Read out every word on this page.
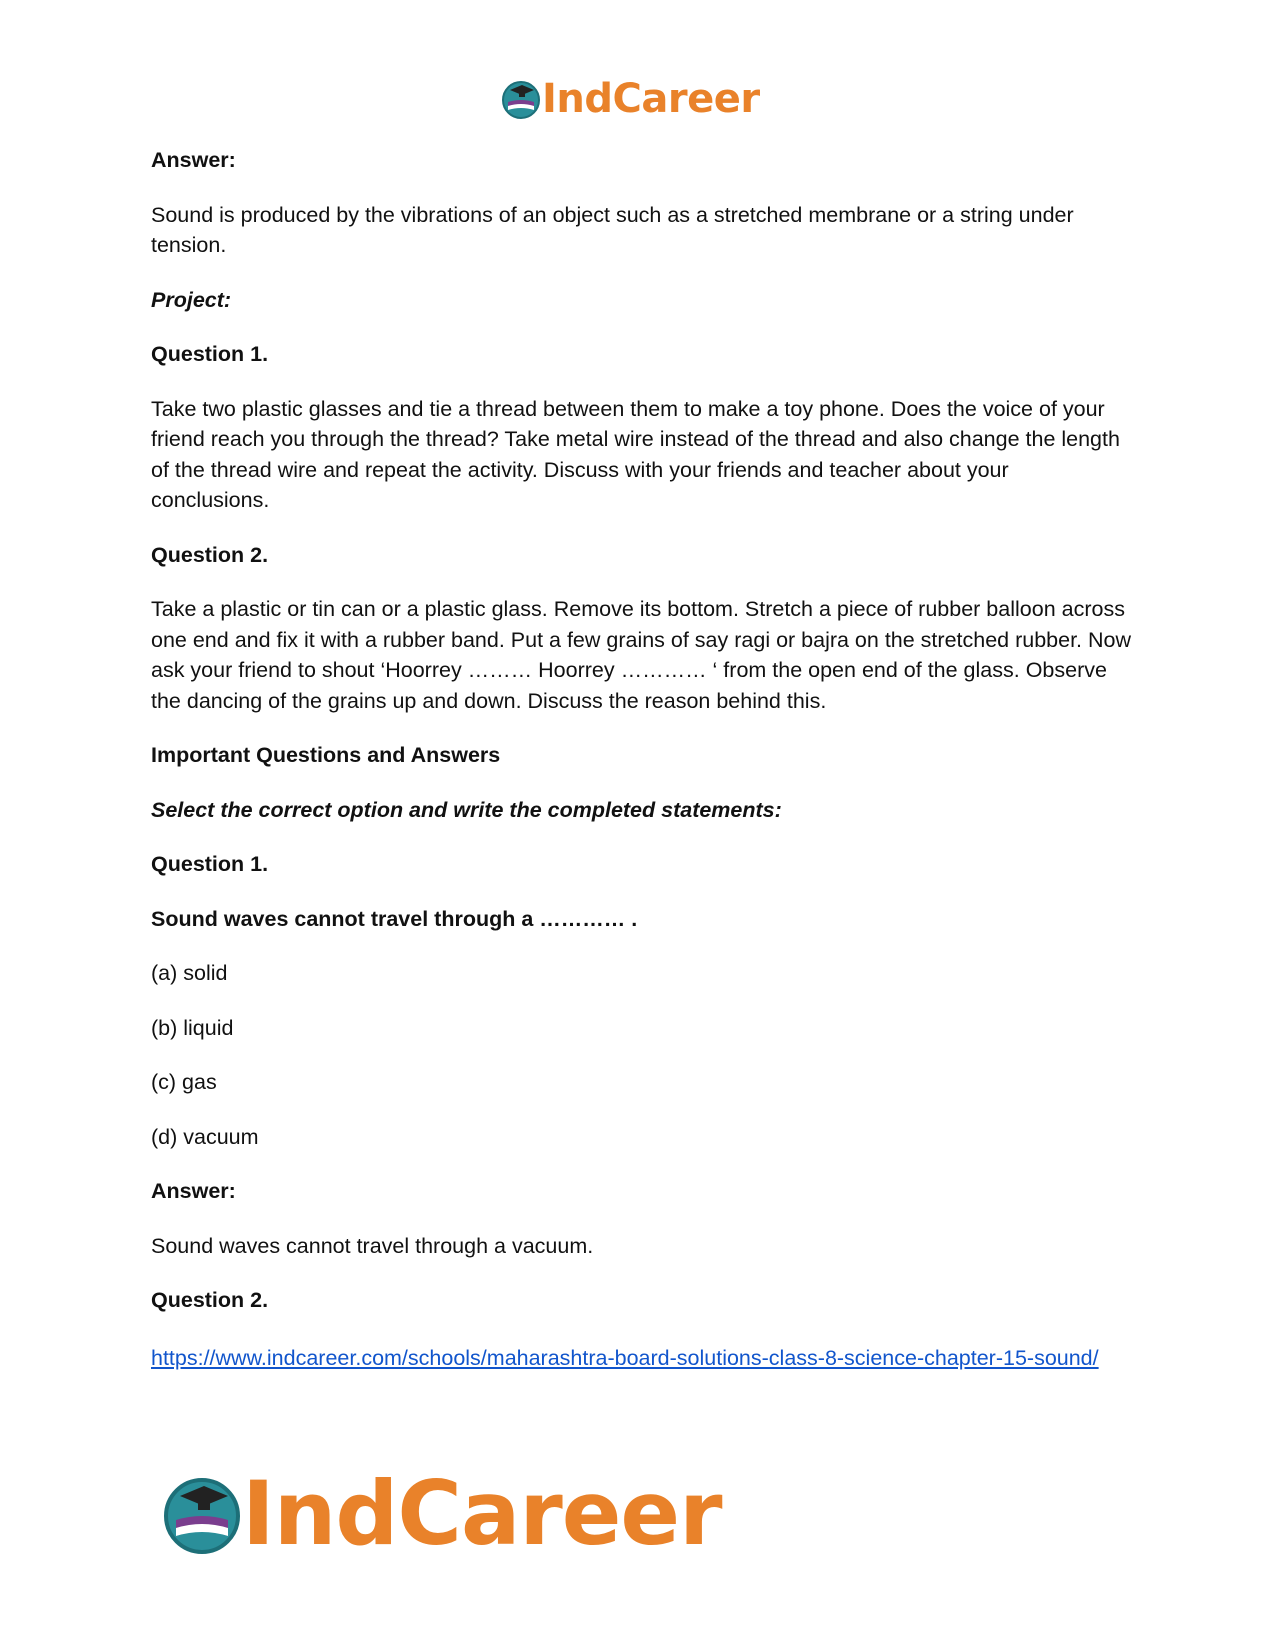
IndCareer

Answer:

Sound is produced by the vibrations of an object such as a stretched membrane or a string under tension.

Project:

Question 1.

Take two plastic glasses and tie a thread between them to make a toy phone. Does the voice of your friend reach you through the thread? Take metal wire instead of the thread and also change the length of the thread wire and repeat the activity. Discuss with your friends and teacher about your conclusions.

Question 2.

Take a plastic or tin can or a plastic glass. Remove its bottom. Stretch a piece of rubber balloon across one end and fix it with a rubber band. Put a few grains of say ragi or bajra on the stretched rubber. Now ask your friend to shout ‘Hoorrey ……… Hoorrey ………… ‘ from the open end of the glass. Observe the dancing of the grains up and down. Discuss the reason behind this.

Important Questions and Answers

Select the correct option and write the completed statements:

Question 1.

Sound waves cannot travel through a ………… .

(a) solid

(b) liquid

(c) gas

(d) vacuum

Answer:

Sound waves cannot travel through a vacuum.

Question 2.

https://www.indcareer.com/schools/maharashtra-board-solutions-class-8-science-chapter-15-sound/
IndCareer
